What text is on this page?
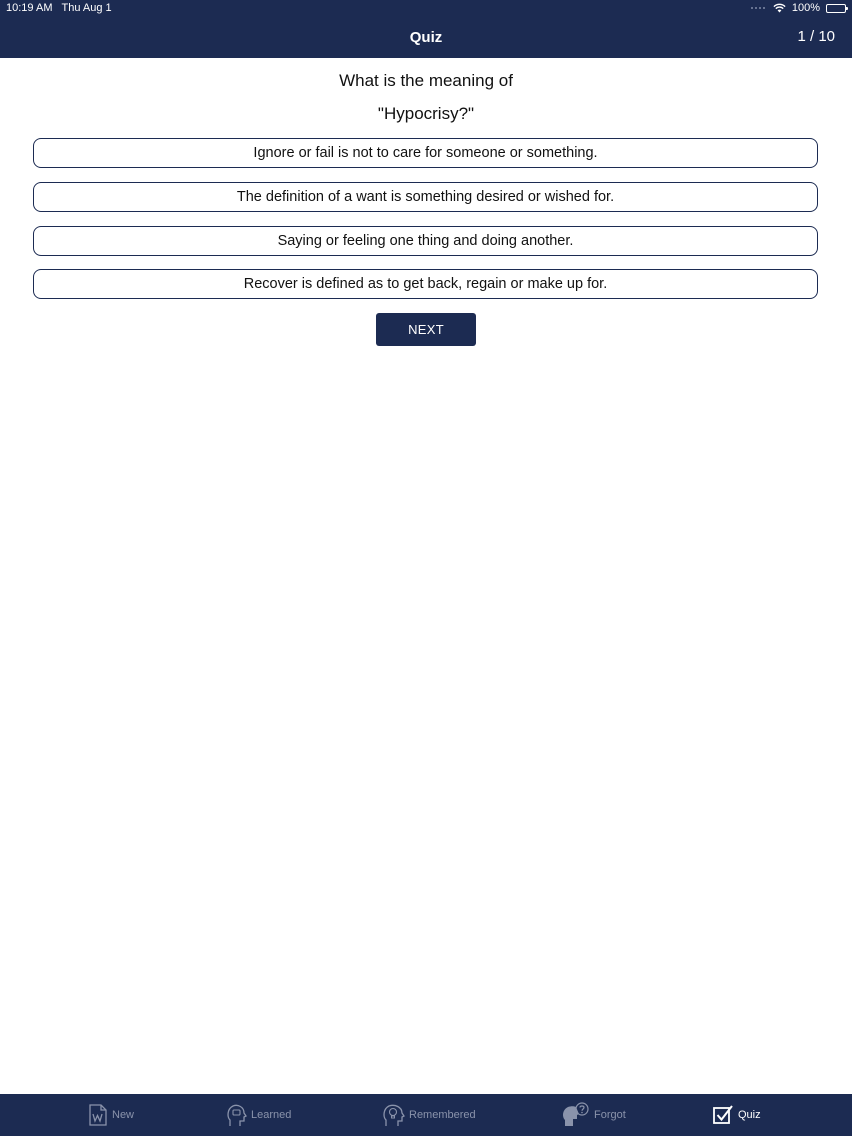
10:19 AM Thu Aug 1	100%
Quiz	1 / 10
What is the meaning of
"Hypocrisy?"
Ignore or fail is not to care for someone or something.
The definition of a want is something desired or wished for.
Saying or feeling one thing and doing another.
Recover is defined as to get back, regain or make up for.
NEXT
New	Learned	Remembered	Forgot	Quiz
